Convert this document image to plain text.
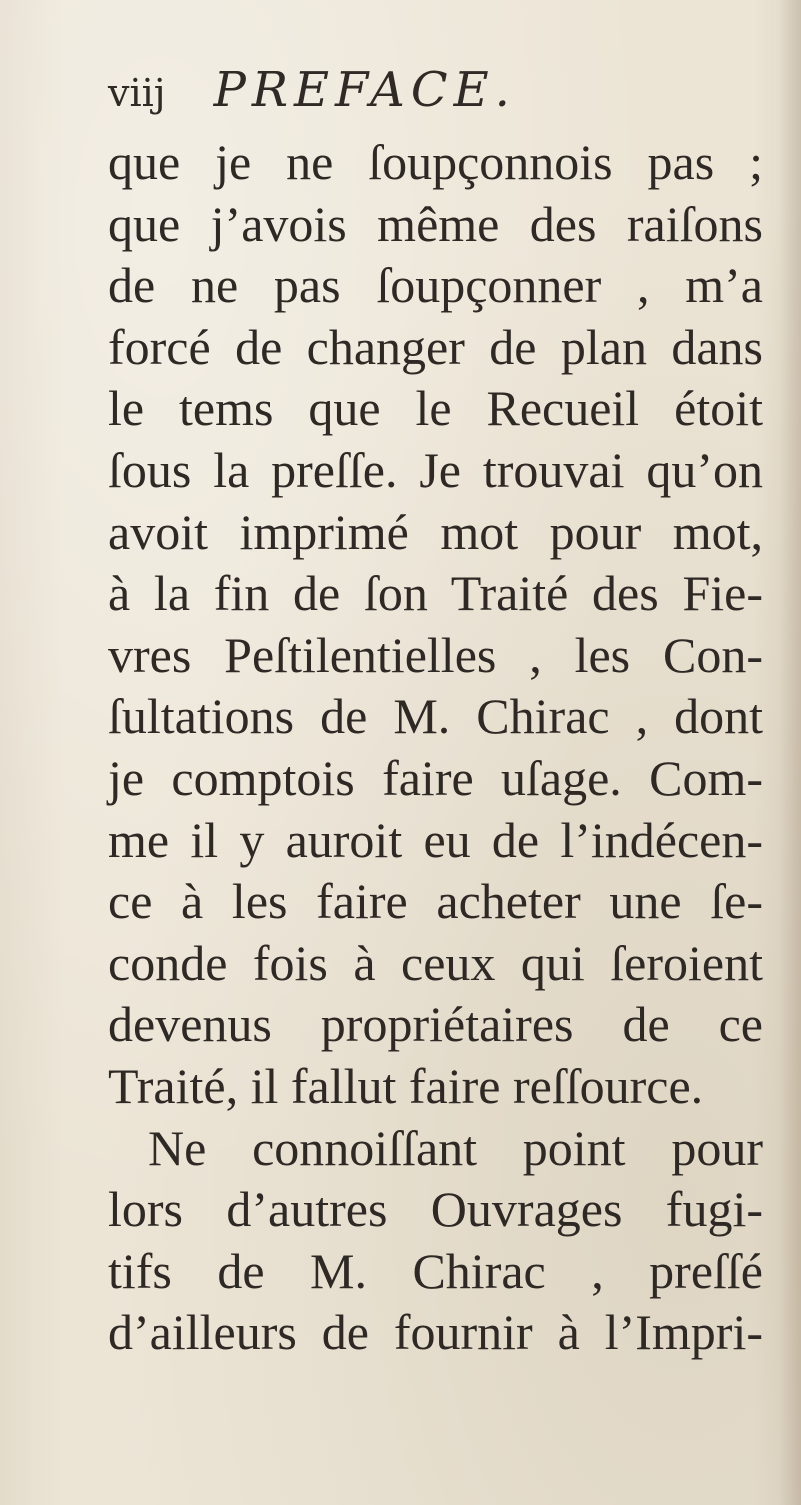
viij PREFACE.
que je ne ſoupçonnois pas ;
que j’avois même des raiſons
de ne pas ſoupçonner , m’a
forcé de changer de plan dans
le tems que le Recueil étoit
ſous la preſſe. Je trouvai qu’on
avoit imprimé mot pour mot,
à la fin de ſon Traité des Fie-
vres Peſtilentielles , les Con-
ſultations de M. Chirac , dont
je comptois faire uſage. Com-
me il y auroit eu de l’indécen-
ce à les faire acheter une ſe-
conde fois à ceux qui ſeroient
devenus propriétaires de ce
Traité, il fallut faire reſſource.
Ne connoiſſant point pour
lors d’autres Ouvrages fugi-
tifs de M. Chirac , preſſé
d’ailleurs de fournir à l’Impri-
